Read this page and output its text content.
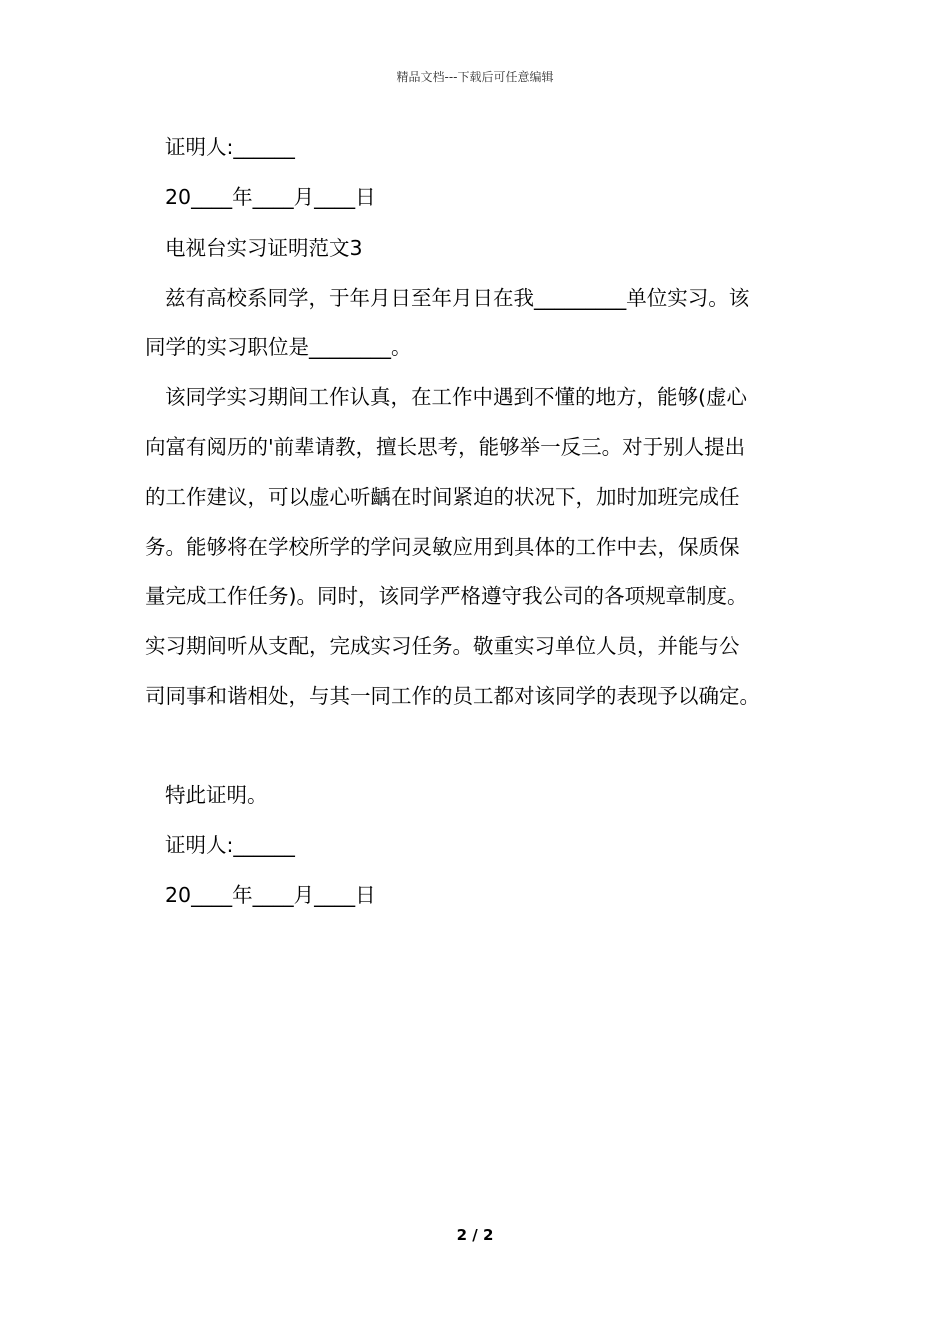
精品文档---下载后可任意编辑
证明人:______
20____年____月____日
电视台实习证明范文3
兹有高校系同学，于年月日至年月日在我_________单位实习。该
同学的实习职位是________。
该同学实习期间工作认真，在工作中遇到不懂的地方，能够(虚心
向富有阅历的'前辈请教，擅长思考，能够举一反三。对于别人提出
的工作建议，可以虚心听齲在时间紧迫的状况下，加时加班完成任
务。能够将在学校所学的学问灵敏应用到具体的工作中去，保质保
量完成工作任务)。同时，该同学严格遵守我公司的各项规章制度。
实习期间听从支配，完成实习任务。敬重实习单位人员，并能与公
司同事和谐相处，与其一同工作的员工都对该同学的表现予以确定。
特此证明。
证明人:______
20____年____月____日
2 / 2
